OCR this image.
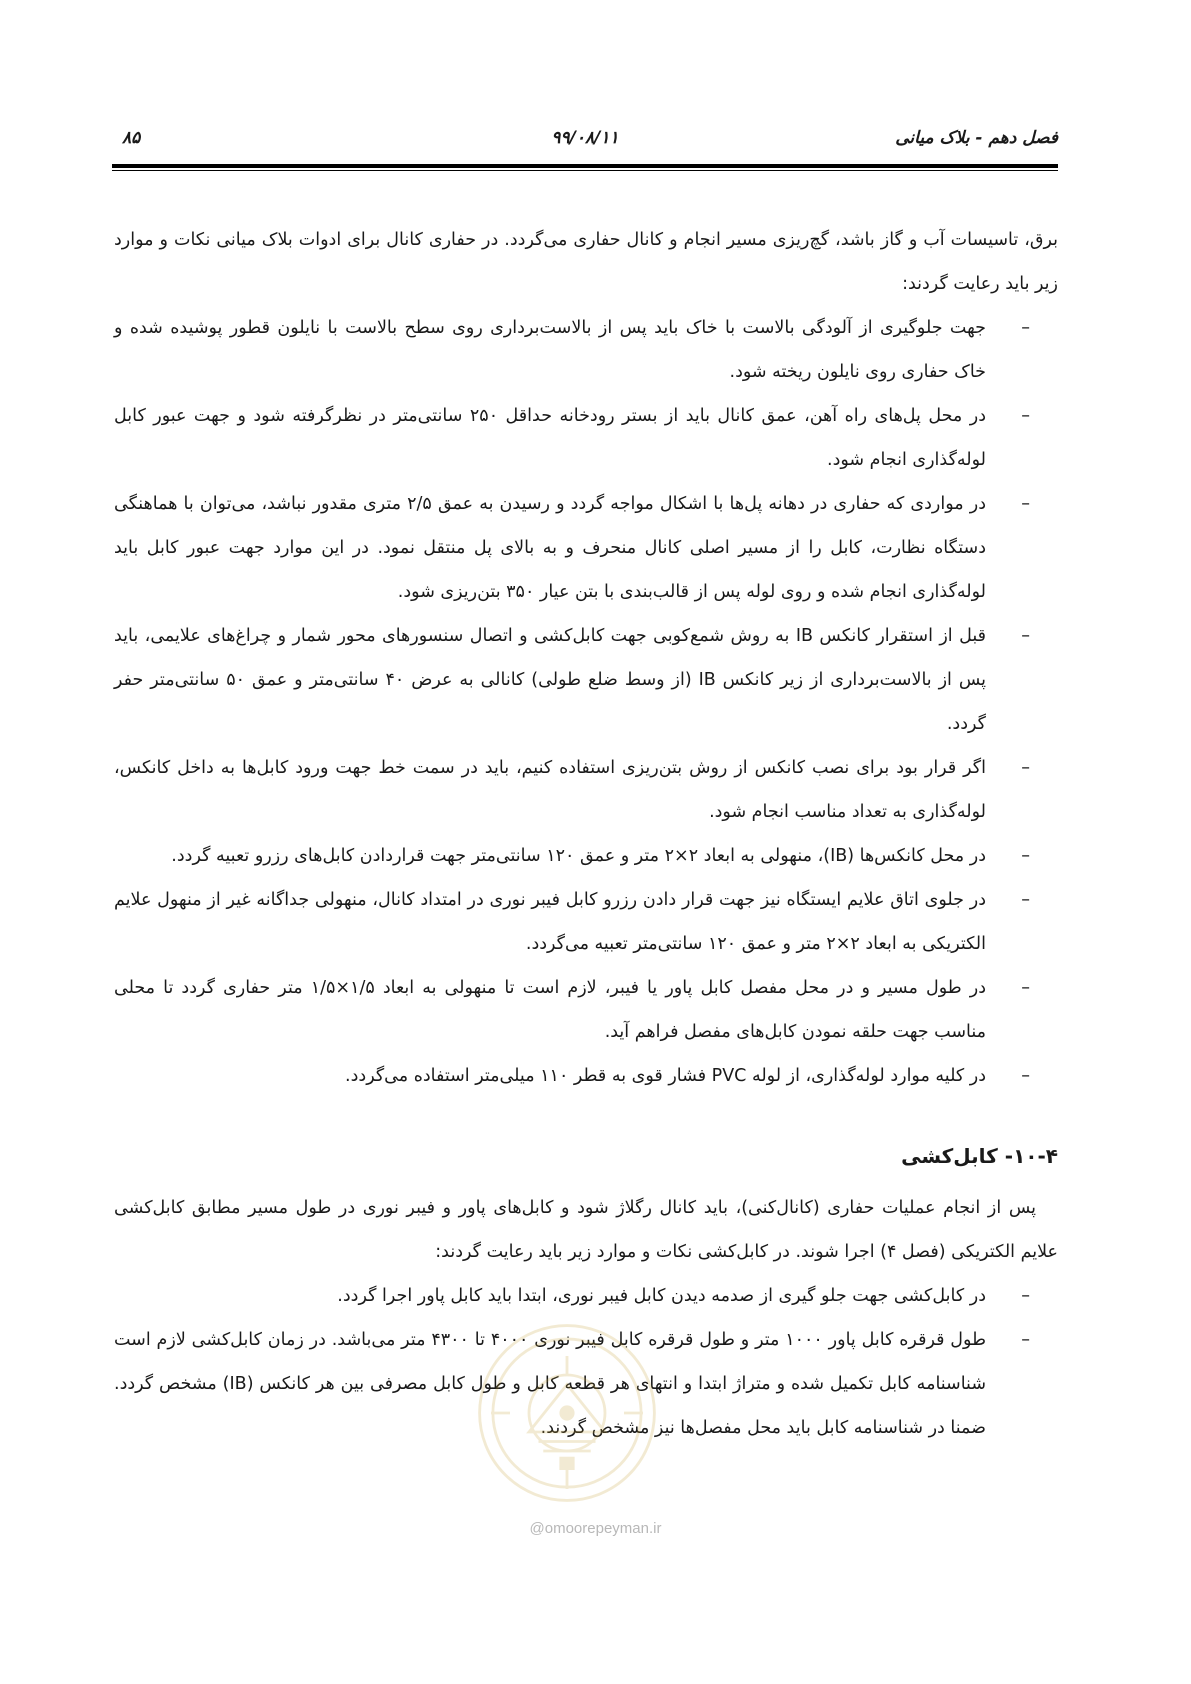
فصل دهم - بلاک میانی
۹۹/۰۸/۱۱
۸۵

برق، تاسیسات آب و گاز باشد، گچ‌ریزی مسیر انجام و کانال حفاری می‌گردد. در حفاری کانال برای ادوات بلاک میانی نکات و موارد زیر باید رعایت گردند:

–
جهت جلوگیری از آلودگی بالاست با خاک باید پس از بالاست‌برداری روی سطح بالاست با نایلون قطور پوشیده شده و خاک حفاری روی نایلون ریخته شود.
–
در محل پل‌های راه آهن، عمق کانال باید از بستر رودخانه حداقل ۲۵۰ سانتی‌متر در نظرگرفته شود و جهت عبور کابل لوله‌گذاری انجام شود.
–
در مواردی که حفاری در دهانه پل‌ها با اشکال مواجه گردد و رسیدن به عمق ۲/۵ متری مقدور نباشد، می‌توان با هماهنگی دستگاه نظارت، کابل را از مسیر اصلی کانال منحرف و به بالای پل منتقل نمود. در این موارد جهت عبور کابل باید لوله‌گذاری انجام شده و روی لوله پس از قالب‌بندی با بتن عیار ۳۵۰ بتن‌ریزی شود.
–
قبل از استقرار کانکس IB به روش شمع‌کوبی جهت کابل‌کشی و اتصال سنسورهای محور شمار و چراغ‌های علایمی، باید پس از بالاست‌برداری از زیر کانکس IB (از وسط ضلع طولی) کانالی به عرض ۴۰ سانتی‌متر و عمق ۵۰ سانتی‌متر حفر گردد.
–
اگر قرار بود برای نصب کانکس از روش بتن‌ریزی استفاده کنیم، باید در سمت خط جهت ورود کابل‌ها به داخل کانکس، لوله‌گذاری به تعداد مناسب انجام شود.
–
در محل کانکس‌ها (IB)، منهولی به ابعاد ۲×۲ متر و عمق ۱۲۰ سانتی‌متر جهت قراردادن کابل‌های رزرو تعبیه گردد.
–
در جلوی اتاق علایم ایستگاه نیز جهت قرار دادن رزرو کابل فیبر نوری در امتداد کانال، منهولی جداگانه غیر از منهول علایم الکتریکی به ابعاد ۲×۲ متر و عمق ۱۲۰ سانتی‌متر تعبیه می‌گردد.
–
در طول مسیر و در محل مفصل کابل پاور یا فیبر، لازم است تا منهولی به ابعاد ۱/۵×۱/۵ متر حفاری گردد تا محلی مناسب جهت حلقه نمودن کابل‌های مفصل فراهم آید.
–
در کلیه موارد لوله‌گذاری، از لوله PVC فشار قوی به قطر ۱۱۰ میلی‌متر استفاده می‌گردد.
۱۰-۴- کابل‌کشی

پس از انجام عملیات حفاری (کانال‌کنی)، باید کانال رگلاژ شود و کابل‌های پاور و فیبر نوری در طول مسیر مطابق کابل‌کشی علایم الکتریکی (فصل ۴) اجرا شوند. در کابل‌کشی نکات و موارد زیر باید رعایت گردند:

–
در کابل‌کشی جهت جلو گیری از صدمه دیدن کابل فیبر نوری، ابتدا باید کابل پاور اجرا گردد.
–
طول قرقره کابل پاور ۱۰۰۰ متر و طول قرقره کابل فیبر نوری ۴۰۰۰ تا ۴۳۰۰ متر می‌باشد. در زمان کابل‌کشی لازم است شناسنامه کابل تکمیل شده و متراژ ابتدا و انتهای هر قطعه کابل و طول کابل مصرفی بین هر کانکس (IB) مشخص گردد. ضمنا در شناسنامه کابل باید محل مفصل‌ها نیز مشخص گردند.
@omoorepeyman.ir
